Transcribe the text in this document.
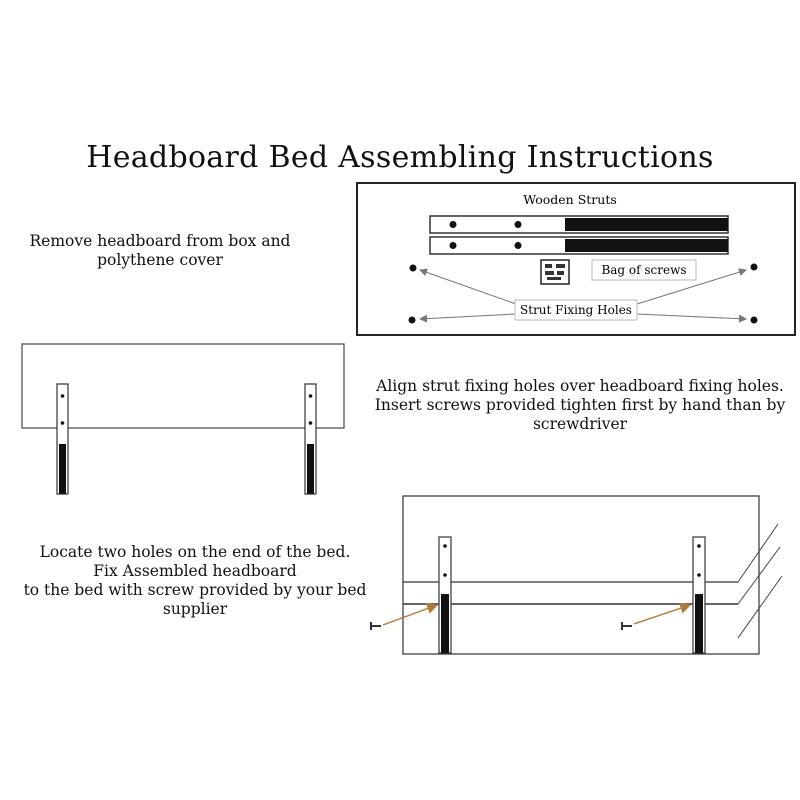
Headboard Bed Assembling Instructions
Remove headboard from box and polythene cover
Align strut fixing holes over headboard fixing holes.
Insert screws provided tighten first by hand than by screwdriver
Locate two holes on the end of the bed.
Fix Assembled headboard
to the bed with screw provided by your bed supplier
Wooden Struts
Bag of screws
Strut Fixing Holes
